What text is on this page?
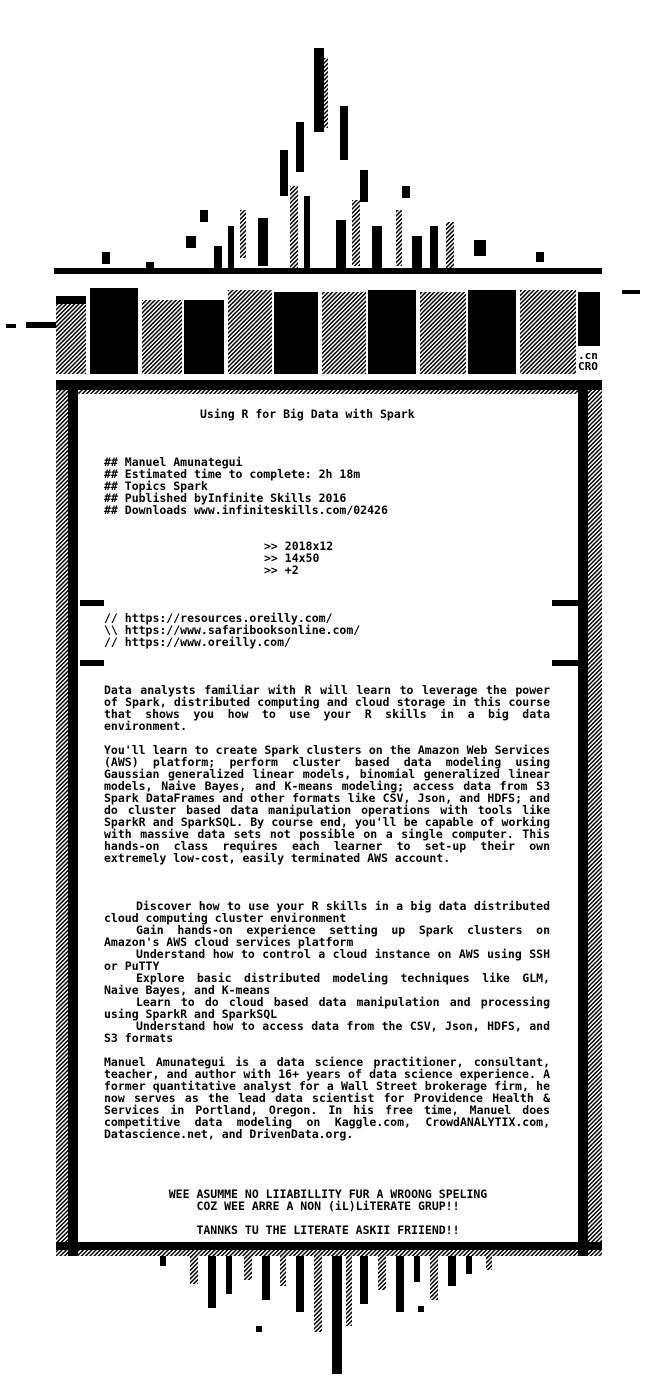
.cn
CRO
Using R for Big Data with Spark
## Manuel Amunategui
## Estimated time to complete: 2h 18m
## Topics Spark
## Published byInfinite Skills 2016
## Downloads www.infiniteskills.com/02426
>> 2018x12
>> 14x50
>> +2
// https://resources.oreilly.com/
\\ https://www.safaribooksonline.com/
// https://www.oreilly.com/

Data analysts familiar with R will learn to leverage the power of Spark, distributed computing and cloud storage in this course that shows you how to use your R skills in a big data environment.

You'll learn to create Spark clusters on the Amazon Web Services (AWS) platform; perform cluster based data modeling using Gaussian generalized linear models, binomial generalized linear models, Naive Bayes, and K-means modeling; access data from S3 Spark DataFrames and other formats like CSV, Json, and HDFS; and do cluster based data manipulation operations with tools like SparkR and SparkSQL. By course end, you'll be capable of working with massive data sets not possible on a single computer. This hands-on class requires each learner to set-up their own extremely low-cost, easily terminated AWS account.

Discover how to use your R skills in a big data distributed cloud computing cluster environment

Gain hands-on experience setting up Spark clusters on Amazon's AWS cloud services platform

Understand how to control a cloud instance on AWS using SSH or PuTTY

Explore basic distributed modeling techniques like GLM, Naive Bayes, and K-means

Learn to do cloud based data manipulation and processing using SparkR and SparkSQL

Understand how to access data from the CSV, Json, HDFS, and S3 formats

Manuel Amunategui is a data science practitioner, consultant, teacher, and author with 16+ years of data science experience. A former quantitative analyst for a Wall Street brokerage firm, he now serves as the lead data scientist for Providence Health & Services in Portland, Oregon. In his free time, Manuel does competitive data modeling on Kaggle.com, CrowdANALYTIX.com, Datascience.net, and DrivenData.org.

WEE ASUMME NO LIIABILLITY FUR A WROONG SPELING
COZ WEE ARRE A NON (iL)LiTERATE GRUP!!
TANNKS TU THE LITERATE ASKII FRIIEND!!
